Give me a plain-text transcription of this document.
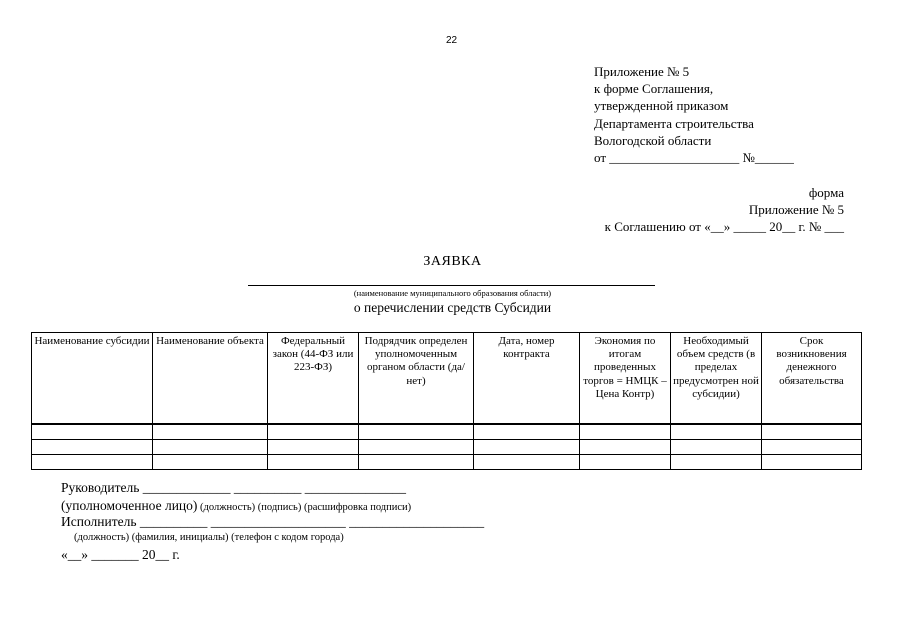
22
Приложение № 5
к форме Соглашения,
утвержденной приказом
Департамента строительства
Вологодской области
от ____________________ №______
форма
Приложение № 5
к Соглашению от «__» _____ 20__ г. № ___
ЗАЯВКА
(наименование муниципального образования области)
о перечислении средств Субсидии
Наименование субсидии	Наименование объекта	Федеральный закон (44-ФЗ или 223-ФЗ)	Подрядчик определен уполномоченным органом области (да/нет)	Дата, номер контракта	Экономия по итогам проведенных торгов = НМЦК – Цена Контр)	Необходимый объем средств (в пределах предусмотрен ной субсидии)	Срок возникновения денежного обязательства

Руководитель _____________ __________ _______________
(уполномоченное лицо) (должность) (подпись) (расшифровка подписи)
Исполнитель __________ ____________________ ____________________
(должность) (фамилия, инициалы) (телефон с кодом города)
«__» _______ 20__ г.
